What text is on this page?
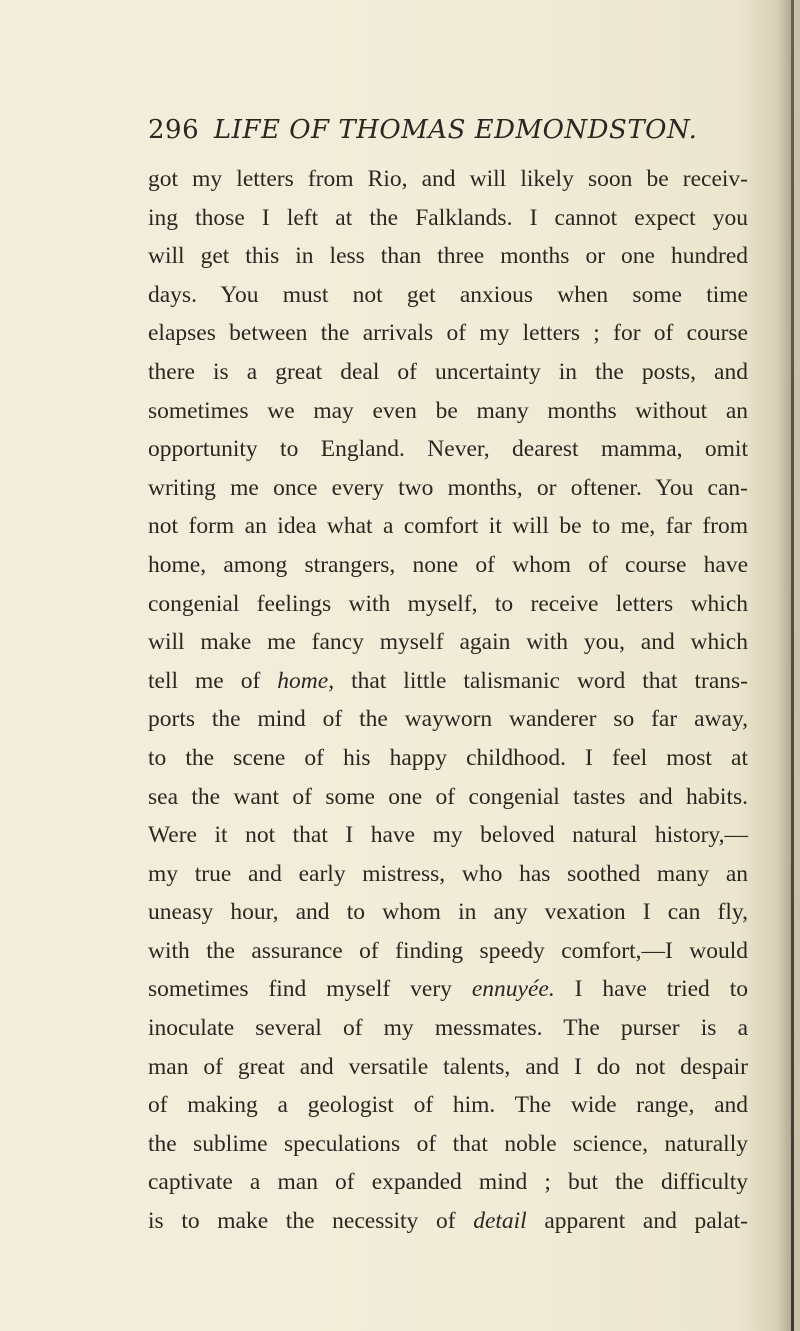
296 LIFE OF THOMAS EDMONDSTON.
got my letters from Rio, and will likely soon be receiv-
ing those I left at the Falklands. I cannot expect you
will get this in less than three months or one hundred
days. You must not get anxious when some time
elapses between the arrivals of my letters ; for of course
there is a great deal of uncertainty in the posts, and
sometimes we may even be many months without an
opportunity to England. Never, dearest mamma, omit
writing me once every two months, or oftener. You can-
not form an idea what a comfort it will be to me, far from
home, among strangers, none of whom of course have
congenial feelings with myself, to receive letters which
will make me fancy myself again with you, and which
tell me of home, that little talismanic word that trans-
ports the mind of the wayworn wanderer so far away,
to the scene of his happy childhood. I feel most at
sea the want of some one of congenial tastes and habits.
Were it not that I have my beloved natural history,—
my true and early mistress, who has soothed many an
uneasy hour, and to whom in any vexation I can fly,
with the assurance of finding speedy comfort,—I would
sometimes find myself very ennuyée. I have tried to
inoculate several of my messmates. The purser is a
man of great and versatile talents, and I do not despair
of making a geologist of him. The wide range, and
the sublime speculations of that noble science, naturally
captivate a man of expanded mind ; but the difficulty
is to make the necessity of detail apparent and palat-
